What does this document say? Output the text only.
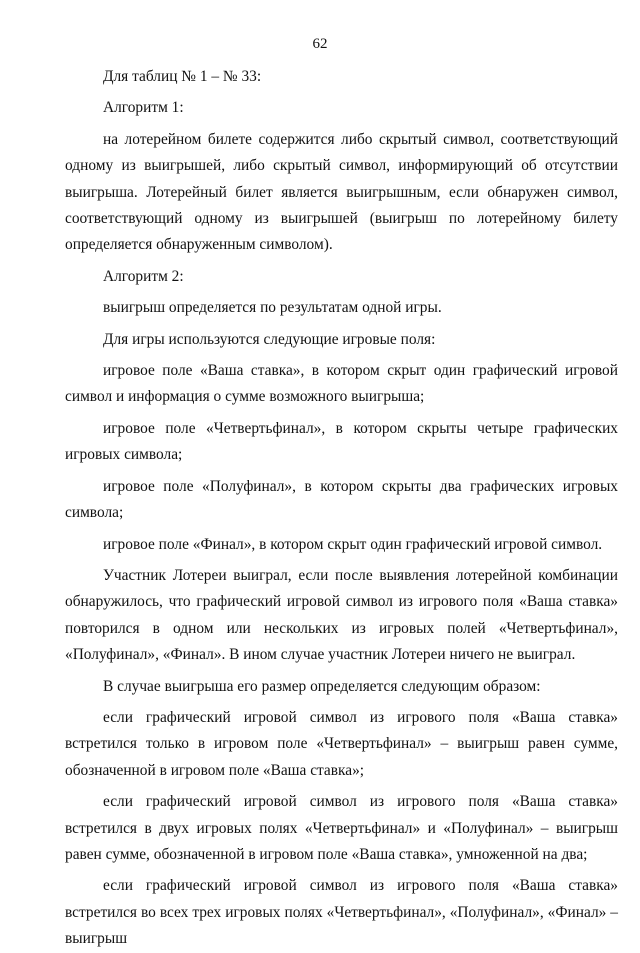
62

Для таблиц № 1 – № 33:

Алгоритм 1:

на лотерейном билете содержится либо скрытый символ, соответствующий одному из выигрышей, либо скрытый символ, информирующий об отсутствии выигрыша. Лотерейный билет является выигрышным, если обнаружен символ, соответствующий одному из выигрышей (выигрыш по лотерейному билету определяется обнаруженным символом).

Алгоритм 2:

выигрыш определяется по результатам одной игры.

Для игры используются следующие игровые поля:

игровое поле «Ваша ставка», в котором скрыт один графический игровой символ и информация о сумме возможного выигрыша;

игровое поле «Четвертьфинал», в котором скрыты четыре графических игровых символа;

игровое поле «Полуфинал», в котором скрыты два графических игровых символа;

игровое поле «Финал», в котором скрыт один графический игровой символ.

Участник Лотереи выиграл, если после выявления лотерейной комбинации обнаружилось, что графический игровой символ из игрового поля «Ваша ставка» повторился в одном или нескольких из игровых полей «Четвертьфинал», «Полуфинал», «Финал». В ином случае участник Лотереи ничего не выиграл.

В случае выигрыша его размер определяется следующим образом:

если графический игровой символ из игрового поля «Ваша ставка» встретился только в игровом поле «Четвертьфинал» – выигрыш равен сумме, обозначенной в игровом поле «Ваша ставка»;

если графический игровой символ из игрового поля «Ваша ставка» встретился в двух игровых полях «Четвертьфинал» и «Полуфинал» – выигрыш равен сумме, обозначенной в игровом поле «Ваша ставка», умноженной на два;

если графический игровой символ из игрового поля «Ваша ставка» встретился во всех трех игровых полях «Четвертьфинал», «Полуфинал», «Финал» – выигрыш
